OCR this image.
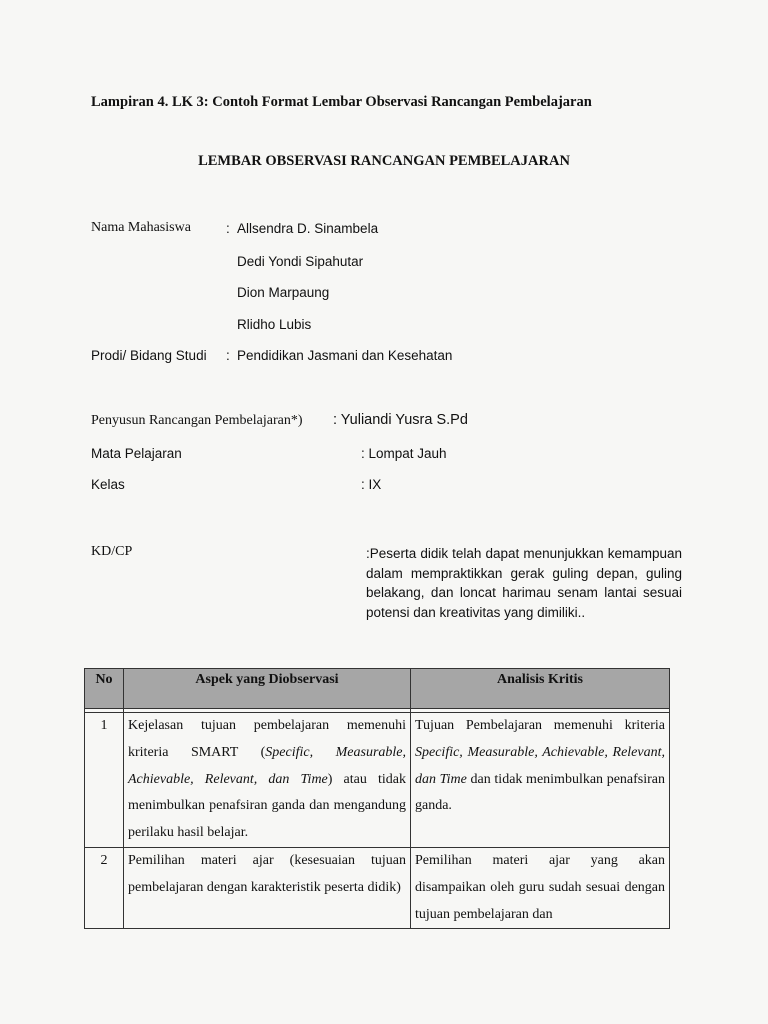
Lampiran 4. LK 3: Contoh Format Lembar Observasi Rancangan Pembelajaran
LEMBAR OBSERVASI RANCANGAN PEMBELAJARAN
Nama Mahasiswa	: Allsendra D. Sinambela
Dedi Yondi Sipahutar
Dion Marpaung
Rlidho Lubis
Prodi/ Bidang Studi : Pendidikan Jasmani dan Kesehatan
Penyusun Rancangan Pembelajaran*) : Yuliandi Yusra S.Pd
Mata Pelajaran	: Lompat Jauh
Kelas	: IX
KD/CP	:Peserta didik telah dapat menunjukkan kemampuan dalam mempraktikkan gerak guling depan, guling belakang, dan loncat harimau senam lantai sesuai potensi dan kreativitas yang dimiliki..
No	Aspek yang Diobservasi	Analisis Kritis

1	Kejelasan tujuan pembelajaran memenuhi kriteria SMART (Specific, Measurable, Achievable, Relevant, dan Time) atau tidak menimbulkan penafsiran ganda dan mengandung perilaku hasil belajar.	Tujuan Pembelajaran memenuhi kriteria Specific, Measurable, Achievable, Relevant, dan Time dan tidak menimbulkan penafsiran ganda.
2	Pemilihan materi ajar (kesesuaian tujuan pembelajaran dengan karakteristik peserta didik)	Pemilihan materi ajar yang akan disampaikan oleh guru sudah sesuai dengan tujuan pembelajaran dan
